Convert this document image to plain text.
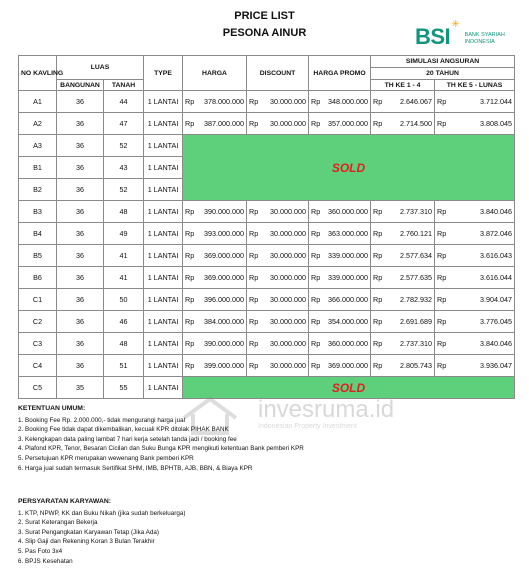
PRICE LIST
PESONA AINUR	BSI ✳
BANK SYARIAH
INDONESIA
NO KAVLING	LUAS		TYPE	HARGA	DISCOUNT	HARGA PROMO	SIMULASI ANGSURAN	
							20 TAHUN	
	BANGUNAN	TANAH					TH KE 1 - 4	TH KE 5 - LUNAS
A1	36	44	1 LANTAI	Rp 378.000.000	Rp 30.000.000	Rp 348.000.000	Rp 2.646.067	Rp 3.712.044

A2	36	47	1 LANTAI	Rp 387.000.000	Rp 30.000.000	Rp 357.000.000	Rp 2.714.500	Rp 3.808.045

A3	36	52	1 LANTAI	SOLD				
B1	36	43	1 LANTAI					
B2	36	52	1 LANTAI					
B3	36	48	1 LANTAI	Rp 390.000.000	Rp 30.000.000	Rp 360.000.000	Rp 2.737.310	Rp 3.840.046

B4	36	49	1 LANTAI	Rp 393.000.000	Rp 30.000.000	Rp 363.000.000	Rp 2.760.121	Rp 3.872.046

B5	36	41	1 LANTAI	Rp 369.000.000	Rp 30.000.000	Rp 339.000.000	Rp 2.577.634	Rp 3.616.043

B6	36	41	1 LANTAI	Rp 369.000.000	Rp 30.000.000	Rp 339.000.000	Rp 2.577.635	Rp 3.616.044

C1	36	50	1 LANTAI	Rp 396.000.000	Rp 30.000.000	Rp 366.000.000	Rp 2.782.932	Rp 3.904.047

C2	36	46	1 LANTAI	Rp 384.000.000	Rp 30.000.000	Rp 354.000.000	Rp 2.691.689	Rp 3.776.045

C3	36	48	1 LANTAI	Rp 390.000.000	Rp 30.000.000	Rp 360.000.000	Rp 2.737.310	Rp 3.840.046

C4	36	51	1 LANTAI	Rp 399.000.000	Rp 30.000.000	Rp 369.000.000	Rp 2.805.743	Rp 3.936.047

C5	35	55	1 LANTAI	SOLD				
invesruma.id
Indonesian Property Investment
KETENTUAN UMUM:
1. Booking Fee Rp. 2.000.000,- tidak mengurangi harga jual
2. Booking Fee tidak dapat dikembalikan, kecuali KPR ditolak PIHAK BANK
3. Kelengkapan data paling lambat 7 hari kerja setelah tanda jadi / booking fee
4. Plafond KPR, Tenor, Besaran Cicilan dan Suku Bunga KPR mengikuti ketentuan Bank pemberi KPR
5. Persetujuan KPR merupakan wewenang Bank pemberi KPR
6. Harga jual sudah termasuk Sertifikat SHM, IMB, BPHTB, AJB, BBN, & Biaya KPR
PERSYARATAN KARYAWAN:
1. KTP, NPWP, KK dan Buku Nikah (jika sudah berkeluarga)
2. Surat Keterangan Bekerja
3. Surat Pengangkatan Karyawan Tetap (Jika Ada)
4. Slip Gaji dan Rekening Koran 3 Bulan Terakhir
5. Pas Foto 3x4
6. BPJS Kesehatan
